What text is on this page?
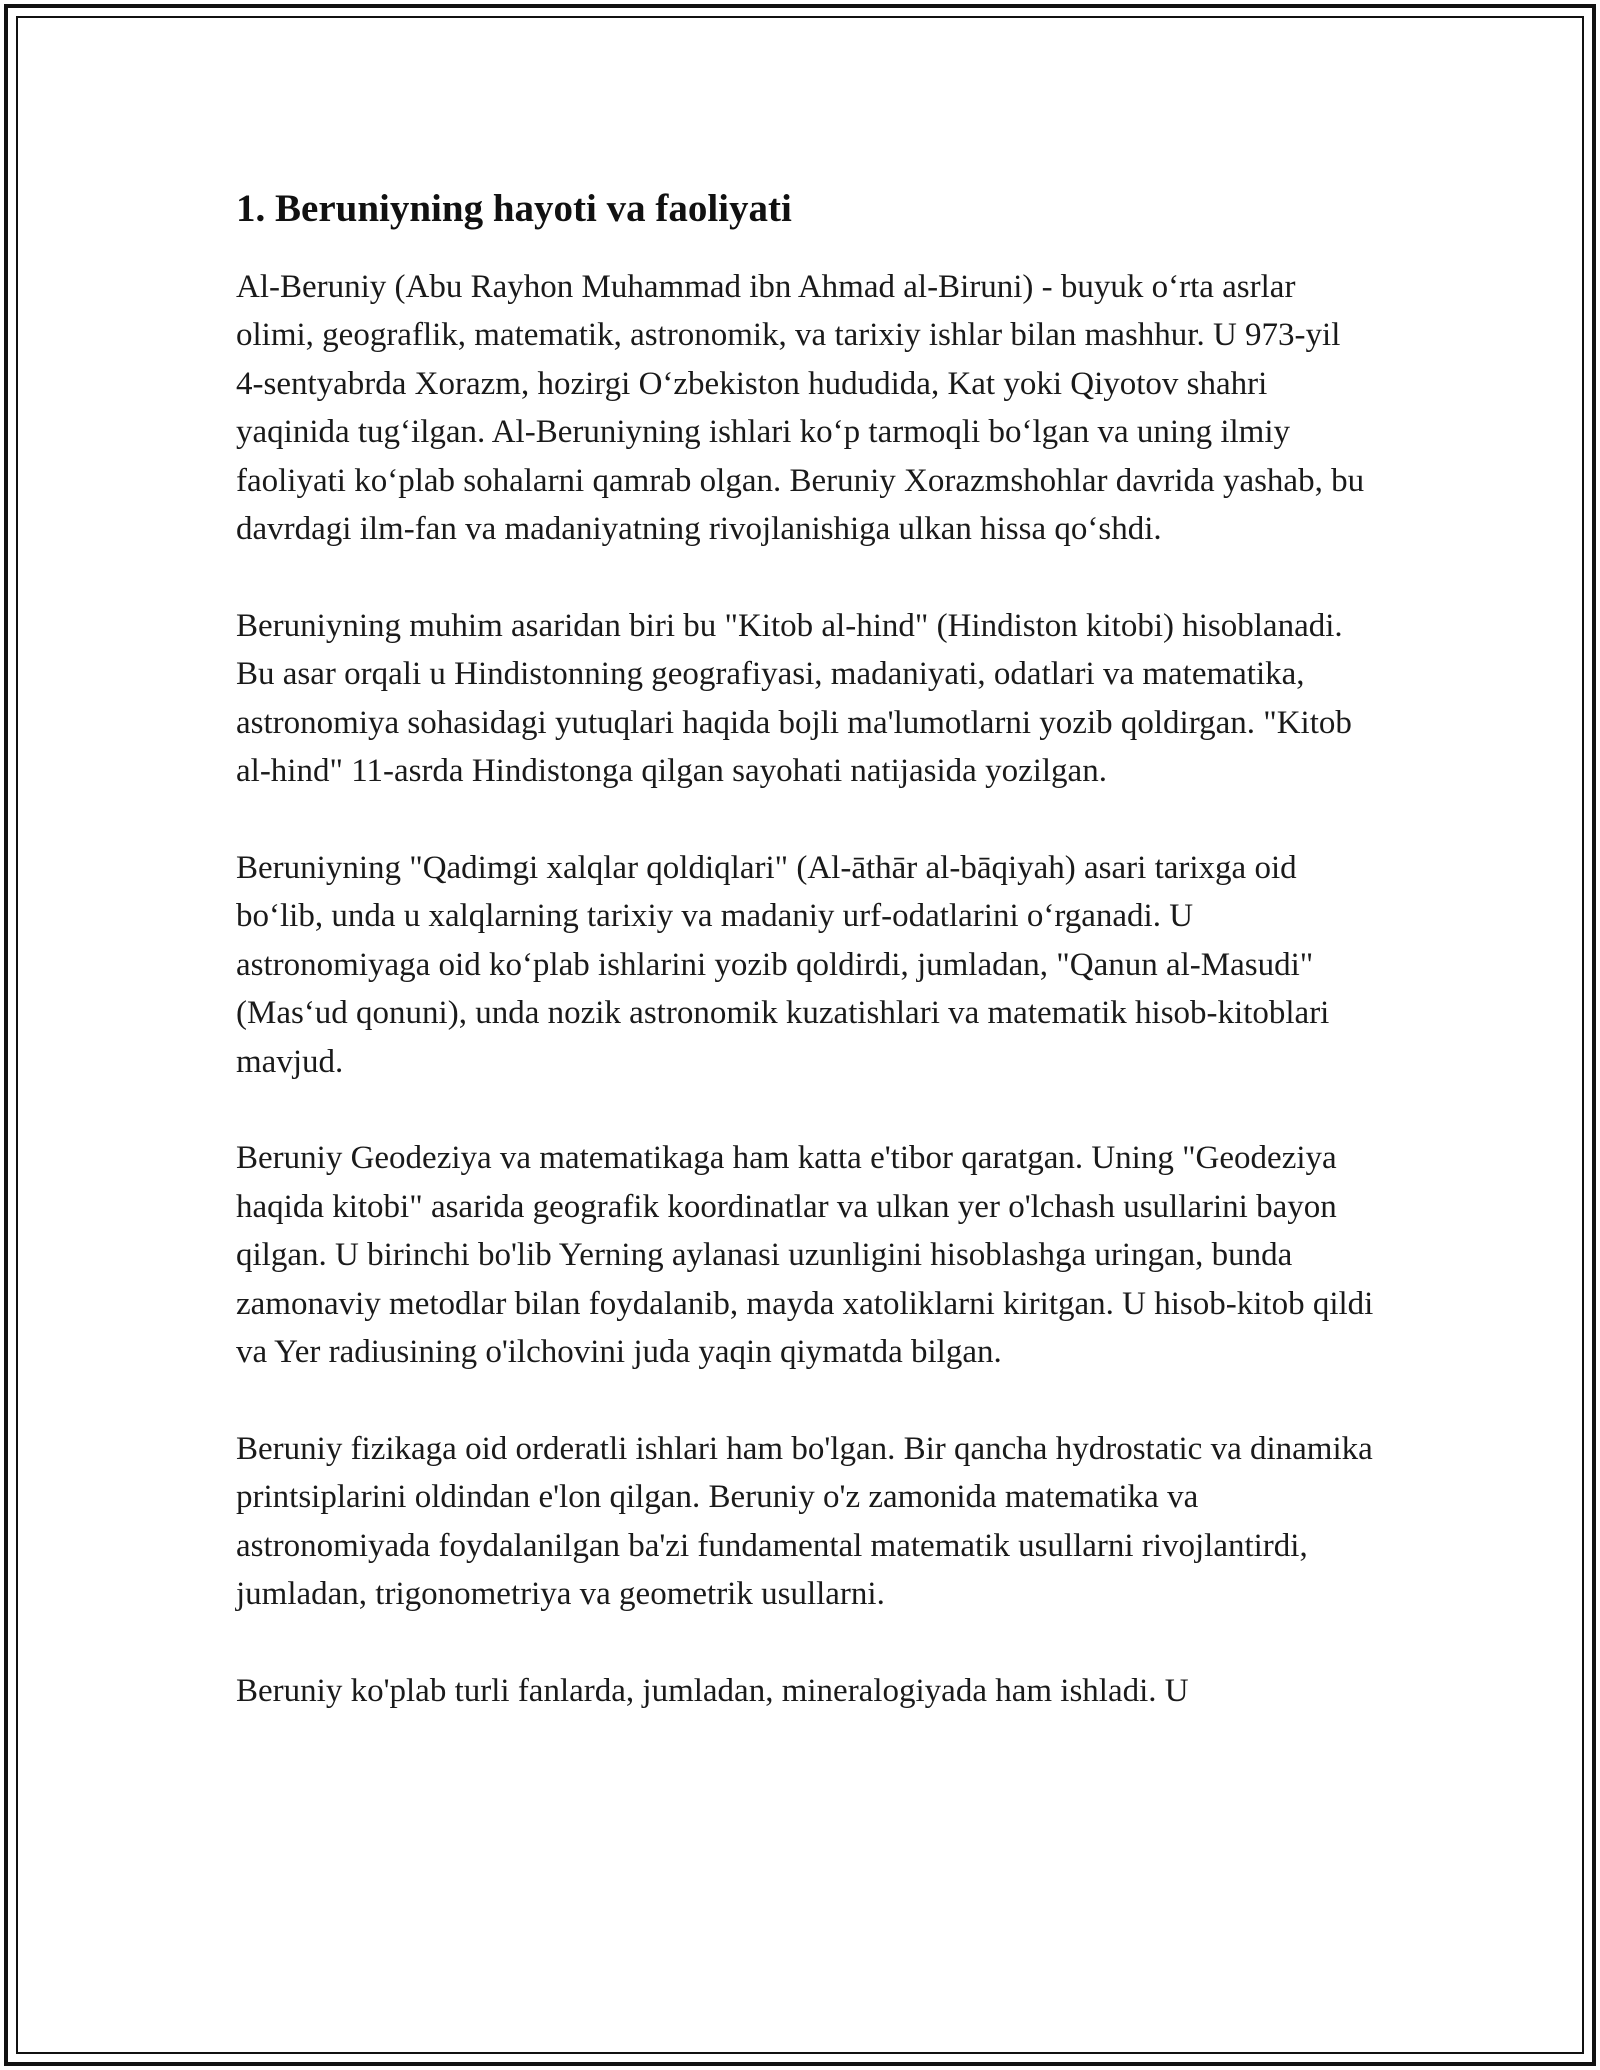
1. Beruniyning hayoti va faoliyati

Al-Beruniy (Abu Rayhon Muhammad ibn Ahmad al-Biruni) - buyuk o‘rta asrlar olimi, geograflik, matematik, astronomik, va tarixiy ishlar bilan mashhur. U 973-yil 4-sentyabrda Xorazm, hozirgi O‘zbekiston hududida, Kat yoki Qiyotov shahri yaqinida tug‘ilgan. Al-Beruniyning ishlari ko‘p tarmoqli bo‘lgan va uning ilmiy faoliyati ko‘plab sohalarni qamrab olgan. Beruniy Xorazmshohlar davrida yashab, bu davrdagi ilm-fan va madaniyatning rivojlanishiga ulkan hissa qo‘shdi.

Beruniyning muhim asaridan biri bu "Kitob al-hind" (Hindiston kitobi) hisoblanadi. Bu asar orqali u Hindistonning geografiyasi, madaniyati, odatlari va matematika, astronomiya sohasidagi yutuqlari haqida bojli ma'lumotlarni yozib qoldirgan. "Kitob al-hind" 11-asrda Hindistonga qilgan sayohati natijasida yozilgan.

Beruniyning "Qadimgi xalqlar qoldiqlari" (Al-āthār al-bāqiyah) asari tarixga oid bo‘lib, unda u xalqlarning tarixiy va madaniy urf-odatlarini o‘rganadi. U astronomiyaga oid ko‘plab ishlarini yozib qoldirdi, jumladan, "Qanun al-Masudi" (Mas‘ud qonuni), unda nozik astronomik kuzatishlari va matematik hisob-kitoblari mavjud.

Beruniy Geodeziya va matematikaga ham katta e'tibor qaratgan. Uning "Geodeziya haqida kitobi" asarida geografik koordinatlar va ulkan yer o'lchash usullarini bayon qilgan. U birinchi bo'lib Yerning aylanasi uzunligini hisoblashga uringan, bunda zamonaviy metodlar bilan foydalanib, mayda xatoliklarni kiritgan. U hisob-kitob qildi va Yer radiusining o'ilchovini juda yaqin qiymatda bilgan.

Beruniy fizikaga oid orderatli ishlari ham bo'lgan. Bir qancha hydrostatic va dinamika printsiplarini oldindan e'lon qilgan. Beruniy o'z zamonida matematika va astronomiyada foydalanilgan ba'zi fundamental matematik usullarni rivojlantirdi, jumladan, trigonometriya va geometrik usullarni.

Beruniy ko'plab turli fanlarda, jumladan, mineralogiyada ham ishladi. U
